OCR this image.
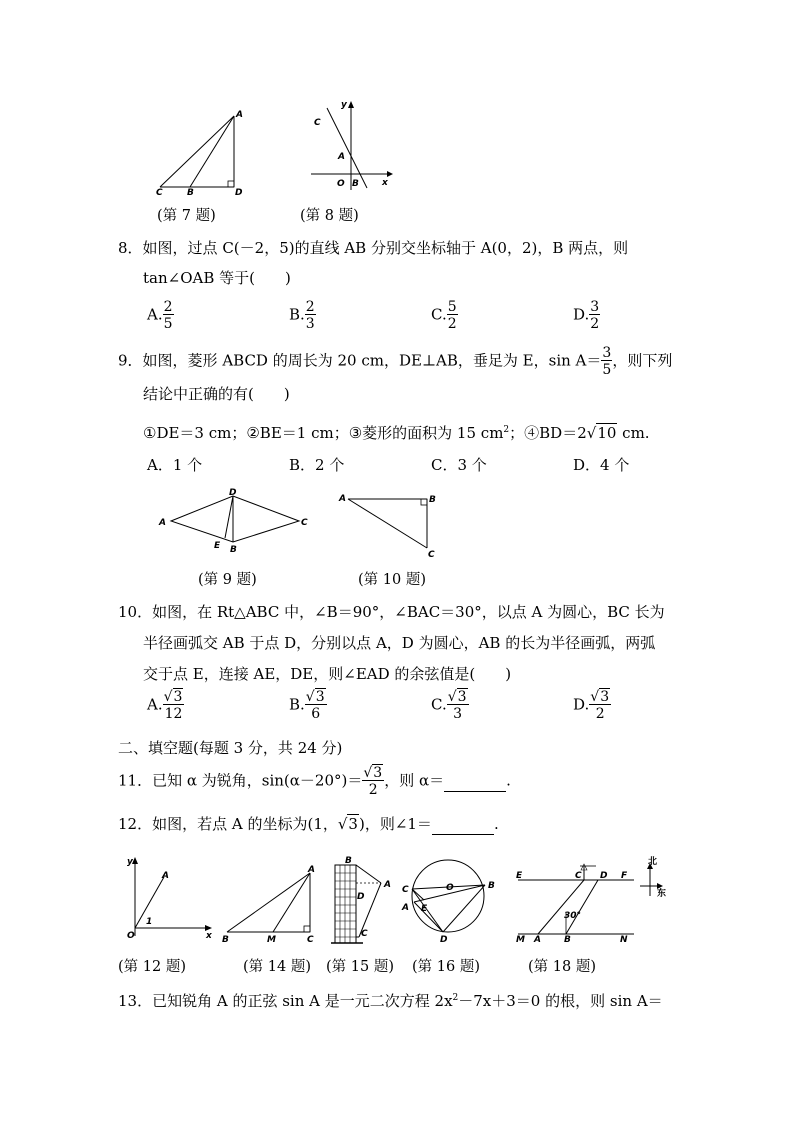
A
C	B	D
y
C
A
O B	x
(第 7 题)	(第 8 题)
8．如图，过点 C(－2，5)的直线 AB 分别交坐标轴于 A(0，2)，B 两点，则
tan∠OAB 等于(　　)
A. $\frac{2}{5}$	B. $\frac{2}{3}$	C. $\frac{5}{2}$	D. $\frac{3}{2}$
9．如图，菱形 ABCD 的周长为 20 cm，DE⊥AB，垂足为 E，$\sin A= \frac{3}{5}$ ，则下列
结论中正确的有(　　)
①DE＝3 cm；②BE＝1 cm；③菱形的面积为 15 $cm^2$；④BD＝2√10 cm.
A．1 个	B．2 个	C．3 个	D．4 个
D
A	C
E B
A	B
C
(第 9 题)	(第 10 题)
10．如图，在 Rt△ABC 中，∠B＝90°，∠BAC＝30°，以点 A 为圆心，BC 长为
半径画弧交 AB 于点 D，分别以点 A，D 为圆心，AB 的长为半径画弧，两弧
交于点 E，连接 AE，DE，则∠EAD 的余弦值是(　　)
A. $\frac{√3}{12}$	B. $\frac{√3}{6}$	C. $\frac{√3}{3}$	D. $\frac{√3}{2}$
二、填空题(每题 3 分，共 24 分)
11．已知 α 为锐角，$\sin(\alpha-20^\circ)= \frac{√3}{2}$ ，则 α＝	.
12．如图，若点 A 的坐标为(1，√3)，则∠1＝	.
y
A
1
O	x
A
B	M	C
B
A
D
C
B
O
A E
D
C
E	C D F
M A	B	N
30°
北
东
(第 12 题)	(第 14 题) (第 15 题) (第 16 题)	(第 18 题)
13．已知锐角 A 的正弦 sin A 是一元二次方程 $2x^2-7x+3=0$ 的根，则 sin A＝
